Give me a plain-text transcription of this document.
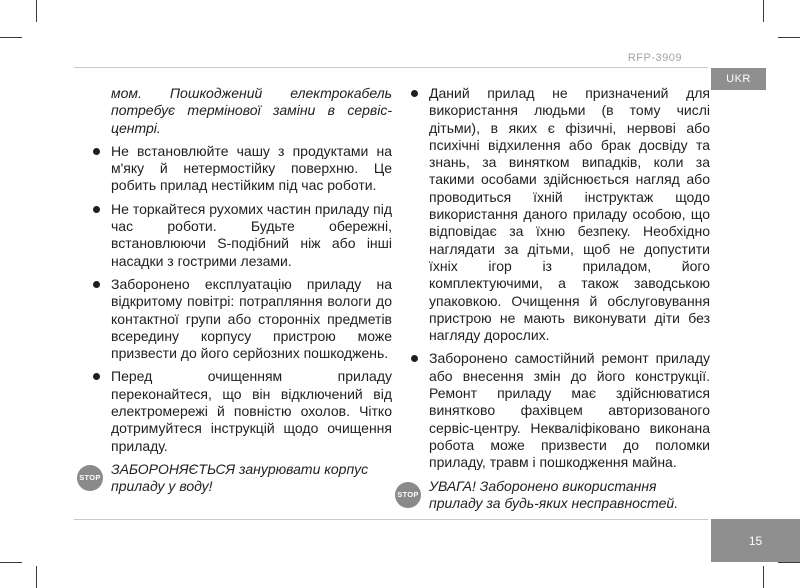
RFP-3909
UKR

мом. Пошкоджений електрокабель потребує термінової заміни в сервіс-центрі.

Не встановлюйте чашу з продуктами на м'яку й нетермостійку поверхню. Це робить прилад нестійким під час роботи.
Не торкайтеся рухомих частин приладу під час роботи. Будьте обережні, встановлюючи S-подібний ніж або інші насадки з гострими лезами.
Заборонено експлуатацію приладу на відкритому повітрі: потрапляння вологи до контактної групи або сторонніх предметів всередину корпусу пристрою може призвести до його серйозних пошкоджень.
Перед очищенням приладу переконайтеся, що він відключений від електромережі й повністю охолов. Чітко дотримуйтеся інструкцій щодо очищення приладу.
STOP
ЗАБОРОНЯЄТЬСЯ занурювати корпус приладу у воду!
Даний прилад не призначений для використання людьми (в тому числі дітьми), в яких є фізичні, нервові або психічні відхилення або брак досвіду та знань, за винятком випадків, коли за такими особами здійснюється нагляд або проводиться їхній інструктаж щодо використання даного приладу особою, що відповідає за їхню безпеку. Необхідно наглядати за дітьми, щоб не допустити їхніх ігор із приладом, його комплектуючими, а також заводською упаковкою. Очищення й обслуговування пристрою не мають виконувати діти без нагляду дорослих.
Заборонено самостійний ремонт приладу або внесення змін до його конструкції. Ремонт приладу має здійснюватися винятково фахівцем авторизованого сервіс-центру. Некваліфіковано виконана робота може призвести до поломки приладу, травм і пошкодження майна.
STOP
УВАГА! Заборонено використання приладу за будь-яких несправностей.
15
